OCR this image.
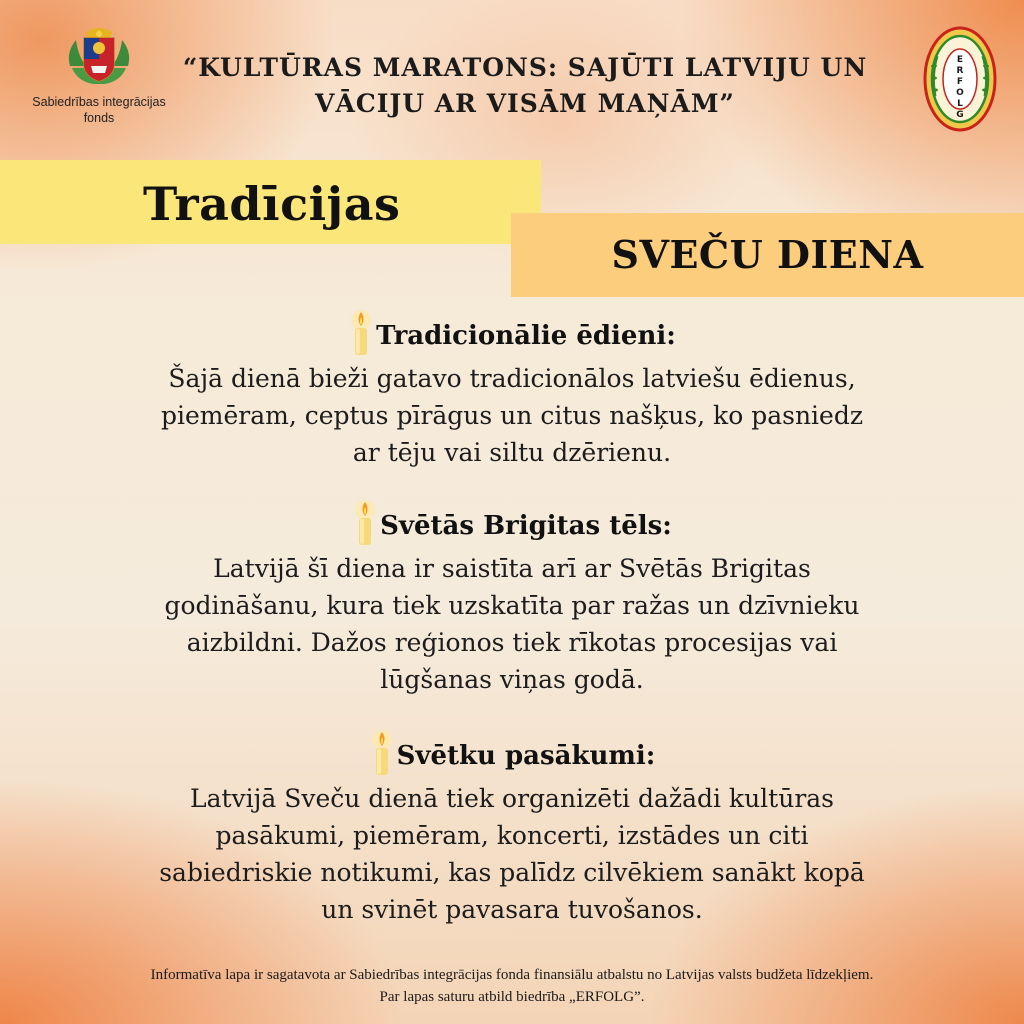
Sabiedrības integrācijas
fonds
“KULTŪRAS MARATONS: SAJŪTI LATVIJU UN
VĀCIJU AR VISĀM MAŅĀM”
E
R
F
O
L
G
Tradīcijas
SVEČU DIENA
Tradicionālie ēdieni:
Šajā dienā bieži gatavo tradicionālos latviešu ēdienus,
piemēram, ceptus pīrāgus un citus našķus, ko pasniedz
ar tēju vai siltu dzērienu.
Svētās Brigitas tēls:
Latvijā šī diena ir saistīta arī ar Svētās Brigitas
godināšanu, kura tiek uzskatīta par ražas un dzīvnieku
aizbildni. Dažos reģionos tiek rīkotas procesijas vai
lūgšanas viņas godā.
Svētku pasākumi:
Latvijā Sveču dienā tiek organizēti dažādi kultūras
pasākumi, piemēram, koncerti, izstādes un citi
sabiedriskie notikumi, kas palīdz cilvēkiem sanākt kopā
un svinēt pavasara tuvošanos.
Informatīva lapa ir sagatavota ar Sabiedrības integrācijas fonda finansiālu atbalstu no Latvijas valsts budžeta līdzekļiem.
Par lapas saturu atbild biedrība „ERFOLG”.
